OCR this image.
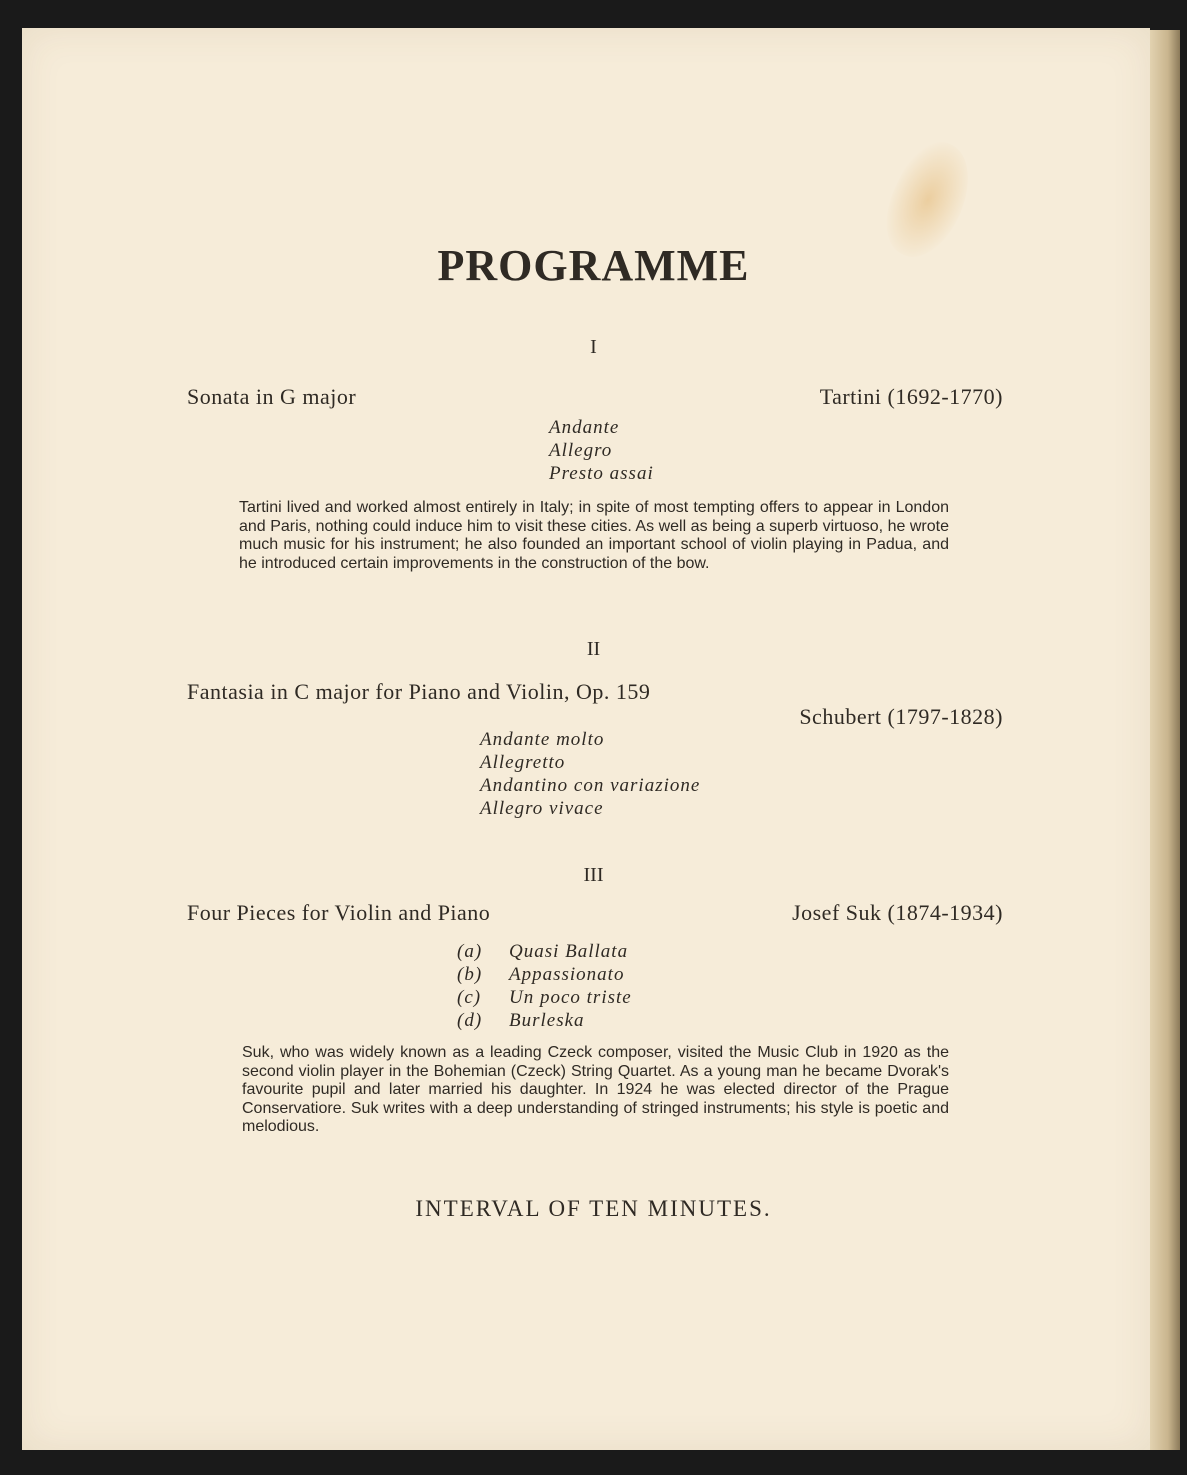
PROGRAMME
I
Sonata in G major	Tartini (1692-1770)
Andante
Allegro
Presto assai

Tartini lived and worked almost entirely in Italy; in spite of most tempting offers to appear in London and Paris, nothing could induce him to visit these cities. As well as being a superb virtuoso, he wrote much music for his instrument; he also founded an important school of violin playing in Padua, and he introduced certain improvements in the construction of the bow.

II
Fantasia in C major for Piano and Violin, Op. 159
Schubert (1797-1828)
Andante molto
Allegretto
Andantino con variazione
Allegro vivace
III
Four Pieces for Violin and Piano	Josef Suk (1874-1934)
(a)	Quasi Ballata
(b)	Appassionato
(c)	Un poco triste
(d)	Burleska

Suk, who was widely known as a leading Czeck composer, visited the Music Club in 1920 as the second violin player in the Bohemian (Czeck) String Quartet. As a young man he became Dvorak's favourite pupil and later married his daughter. In 1924 he was elected director of the Prague Conservatiore. Suk writes with a deep understanding of stringed instruments; his style is poetic and melodious.

INTERVAL OF TEN MINUTES.
